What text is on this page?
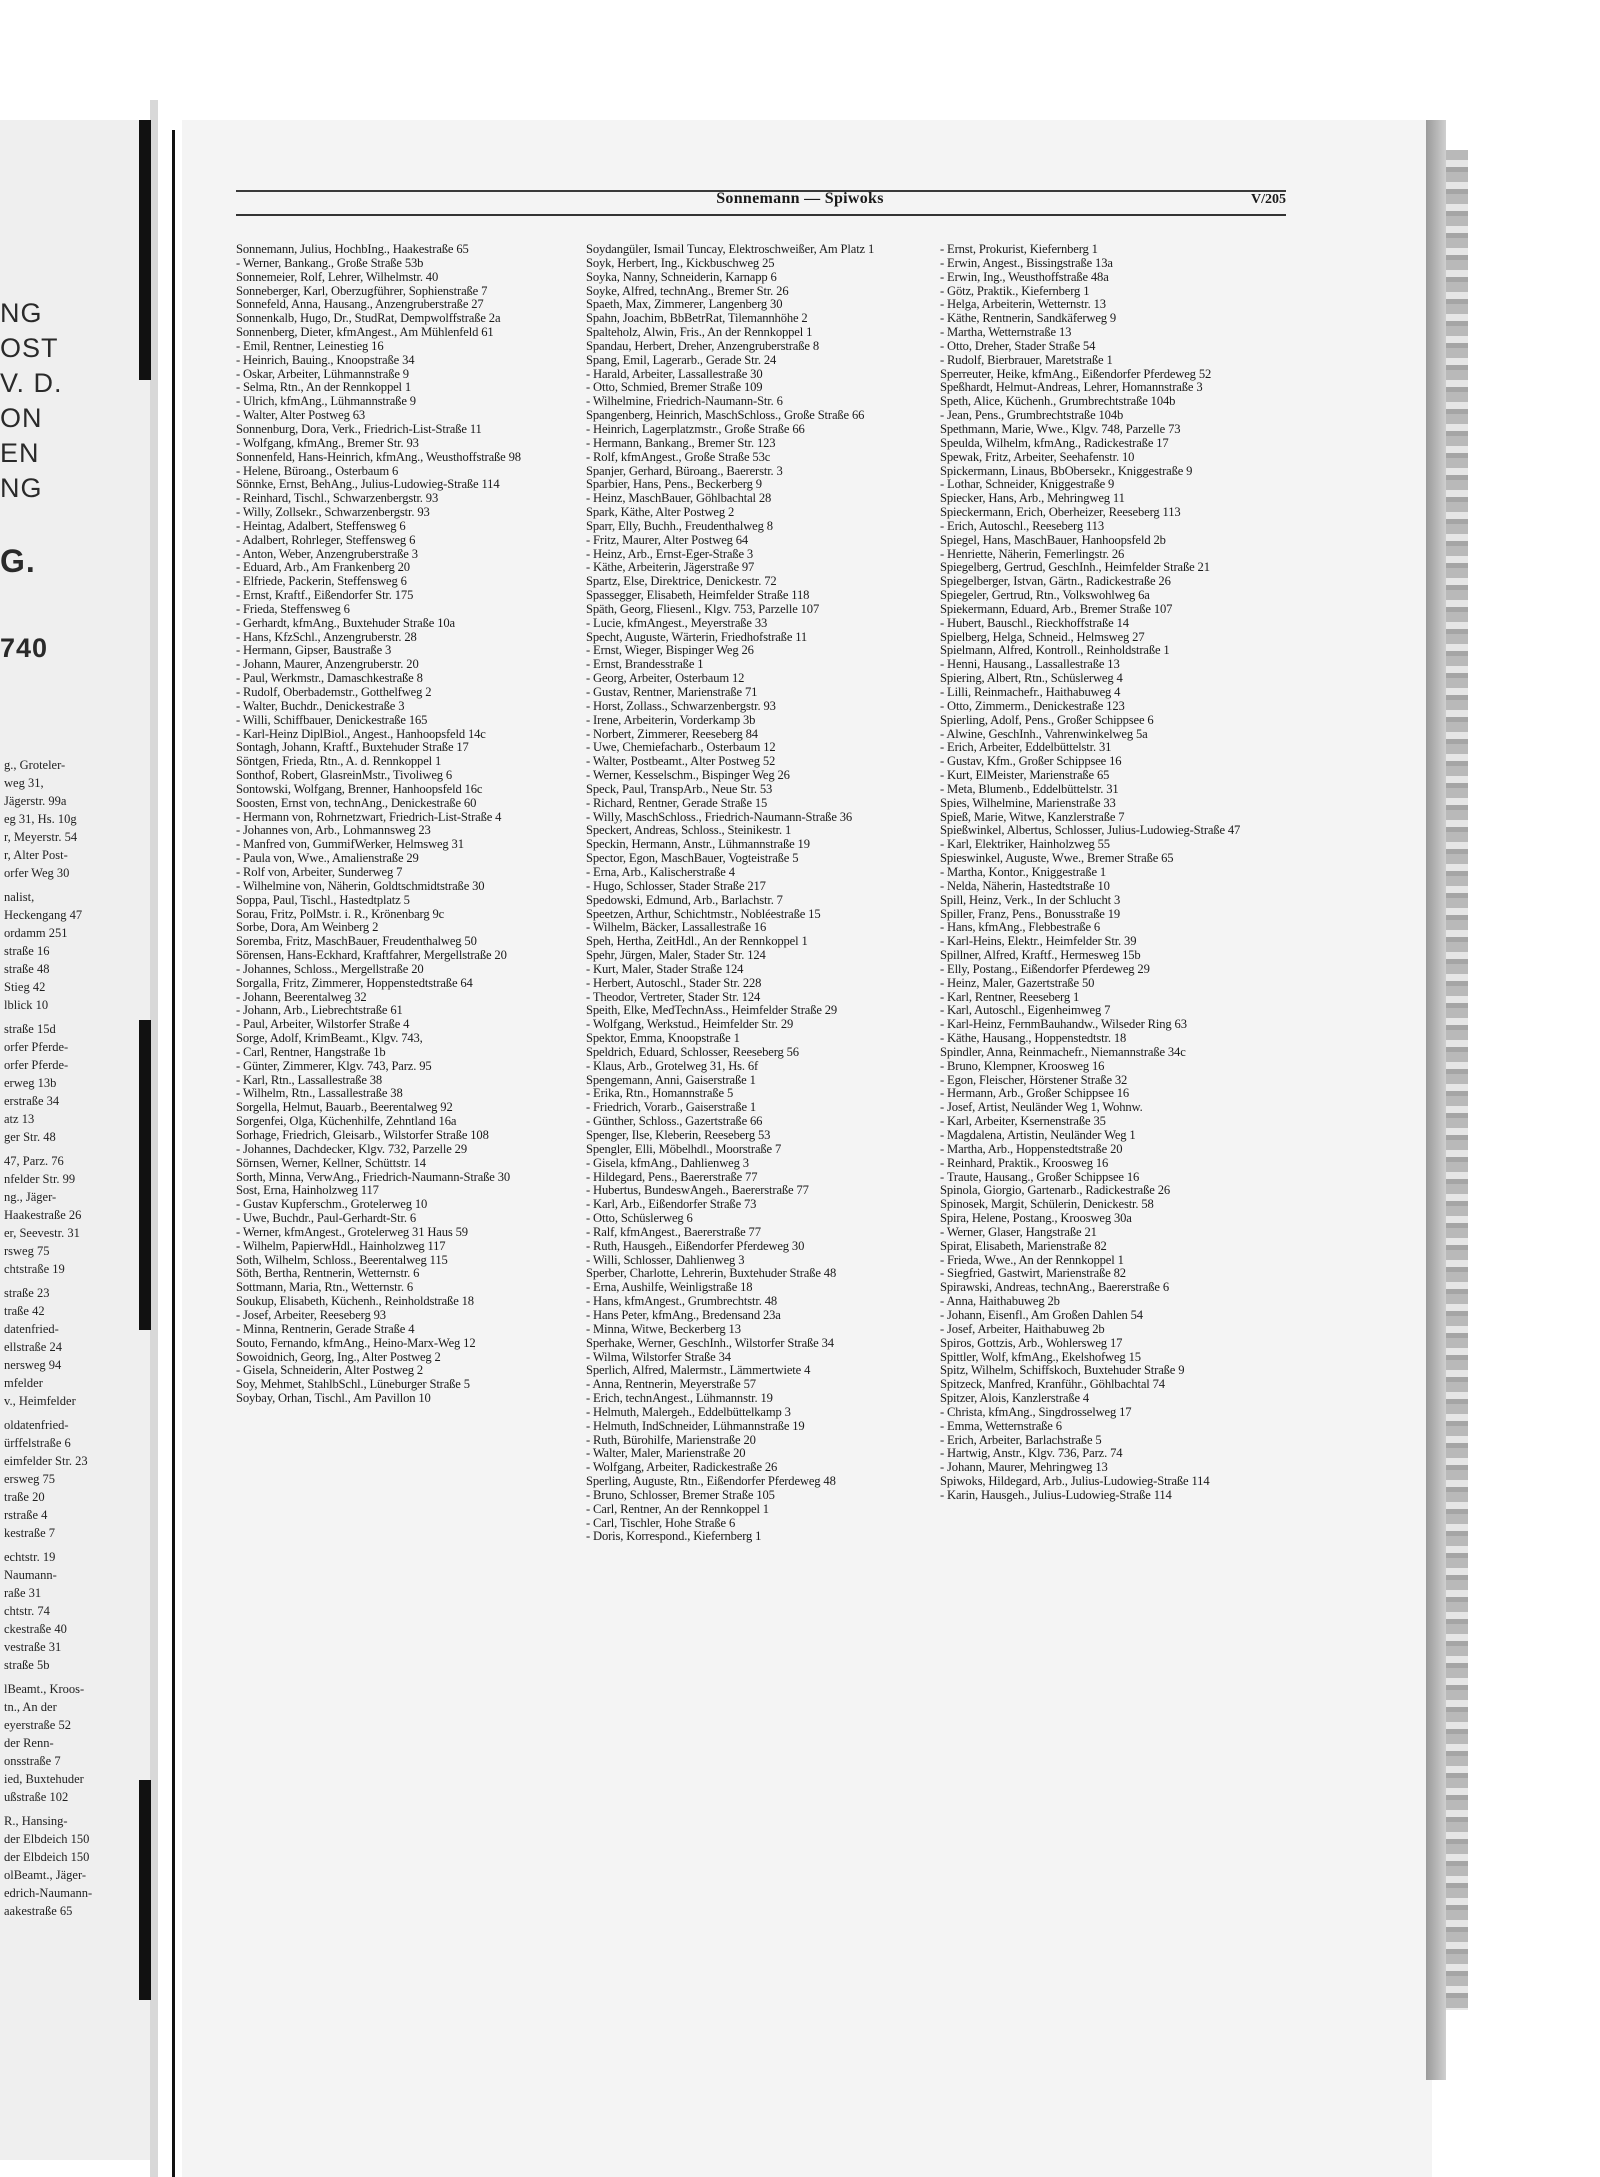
NG
OST
V. D.
ON
EN
NG
G.
740
g., Groteler-
weg 31,
Jägerstr. 99a
eg 31, Hs. 10g
r, Meyerstr. 54
r, Alter Post-
orfer Weg 30
nalist,
Heckengang 47
ordamm 251
straße 16
straße 48
Stieg 42
lblick 10
straße 15d
orfer Pferde-
orfer Pferde-
erweg 13b
erstraße 34
atz 13
ger Str. 48
47, Parz. 76
nfelder Str. 99
ng., Jäger-
Haakestraße 26
er, Seevestr. 31
rsweg 75
chtstraße 19
straße 23
traße 42
datenfried-
ellstraße 24
nersweg 94
mfelder
v., Heimfelder
oldatenfried-
ürffelstraße 6
eimfelder Str. 23
ersweg 75
traße 20
rstraße 4
kestraße 7
echtstr. 19
Naumann-
raße 31
chtstr. 74
ckestraße 40
vestraße 31
straße 5b
lBeamt., Kroos-
tn., An der
eyerstraße 52
der Renn-
onsstraße 7
ied, Buxtehuder
ußstraße 102
R., Hansing-
der Elbdeich 150
der Elbdeich 150
olBeamt., Jäger-
edrich-Naumann-
aakestraße 65
Sonnemann — Spiwoks	V/205

Sonnemann, Julius, HochbIng., Haakestraße 65

- Werner, Bankang., Große Straße 53b

Sonnemeier, Rolf, Lehrer, Wilhelmstr. 40

Sonneberger, Karl, Oberzugführer, Sophienstraße 7

Sonnefeld, Anna, Hausang., Anzengruberstraße 27

Sonnenkalb, Hugo, Dr., StudRat, Dempwolffstraße 2a

Sonnenberg, Dieter, kfmAngest., Am Mühlenfeld 61

- Emil, Rentner, Leinestieg 16

- Heinrich, Bauing., Knoopstraße 34

- Oskar, Arbeiter, Lühmannstraße 9

- Selma, Rtn., An der Rennkoppel 1

- Ulrich, kfmAng., Lühmannstraße 9

- Walter, Alter Postweg 63

Sonnenburg, Dora, Verk., Friedrich-List-Straße 11

- Wolfgang, kfmAng., Bremer Str. 93

Sonnenfeld, Hans-Heinrich, kfmAng., Weusthoffstraße 98

- Helene, Büroang., Osterbaum 6

Sönnke, Ernst, BehAng., Julius-Ludowieg-Straße 114

- Reinhard, Tischl., Schwarzenbergstr. 93

- Willy, Zollsekr., Schwarzenbergstr. 93

- Heintag, Adalbert, Steffensweg 6

- Adalbert, Rohrleger, Steffensweg 6

- Anton, Weber, Anzengruberstraße 3

- Eduard, Arb., Am Frankenberg 20

- Elfriede, Packerin, Steffensweg 6

- Ernst, Kraftf., Eißendorfer Str. 175

- Frieda, Steffensweg 6

- Gerhardt, kfmAng., Buxtehuder Straße 10a

- Hans, KfzSchl., Anzengruberstr. 28

- Hermann, Gipser, Baustraße 3

- Johann, Maurer, Anzengruberstr. 20

- Paul, Werkmstr., Damaschkestraße 8

- Rudolf, Oberbademstr., Gotthelfweg 2

- Walter, Buchdr., Denickestraße 3

- Willi, Schiffbauer, Denickestraße 165

- Karl-Heinz DiplBiol., Angest., Hanhoopsfeld 14c

Sontagh, Johann, Kraftf., Buxtehuder Straße 17

Söntgen, Frieda, Rtn., A. d. Rennkoppel 1

Sonthof, Robert, GlasreinMstr., Tivoliweg 6

Sontowski, Wolfgang, Brenner, Hanhoopsfeld 16c

Soosten, Ernst von, technAng., Denickestraße 60

- Hermann von, Rohrnetzwart, Friedrich-List-Straße 4

- Johannes von, Arb., Lohmannsweg 23

- Manfred von, GummifWerker, Helmsweg 31

- Paula von, Wwe., Amalienstraße 29

- Rolf von, Arbeiter, Sunderweg 7

- Wilhelmine von, Näherin, Goldtschmidtstraße 30

Soppa, Paul, Tischl., Hastedtplatz 5

Sorau, Fritz, PolMstr. i. R., Krönenbarg 9c

Sorbe, Dora, Am Weinberg 2

Soremba, Fritz, MaschBauer, Freudenthalweg 50

Sörensen, Hans-Eckhard, Kraftfahrer, Mergellstraße 20

- Johannes, Schloss., Mergellstraße 20

Sorgalla, Fritz, Zimmerer, Hoppenstedtstraße 64

- Johann, Beerentalweg 32

- Johann, Arb., Liebrechtstraße 61

- Paul, Arbeiter, Wilstorfer Straße 4

Sorge, Adolf, KrimBeamt., Klgv. 743,

- Carl, Rentner, Hangstraße 1b

- Günter, Zimmerer, Klgv. 743, Parz. 95

- Karl, Rtn., Lassallestraße 38

- Wilhelm, Rtn., Lassallestraße 38

Sorgella, Helmut, Bauarb., Beerentalweg 92

Sorgenfei, Olga, Küchenhilfe, Zehntland 16a

Sorhage, Friedrich, Gleisarb., Wilstorfer Straße 108

- Johannes, Dachdecker, Klgv. 732, Parzelle 29

Sörnsen, Werner, Kellner, Schüttstr. 14

Sorth, Minna, VerwAng., Friedrich-Naumann-Straße 30

Sost, Erna, Hainholzweg 117

- Gustav Kupferschm., Grotelerweg 10

- Uwe, Buchdr., Paul-Gerhardt-Str. 6

- Werner, kfmAngest., Grotelerweg 31 Haus 59

- Wilhelm, PapierwHdl., Hainholzweg 117

Soth, Wilhelm, Schloss., Beerentalweg 115

Söth, Bertha, Rentnerin, Wetternstr. 6

Sottmann, Maria, Rtn., Wetternstr. 6

Soukup, Elisabeth, Küchenh., Reinholdstraße 18

- Josef, Arbeiter, Reeseberg 93

- Minna, Rentnerin, Gerade Straße 4

Souto, Fernando, kfmAng., Heino-Marx-Weg 12

Sowoidnich, Georg, Ing., Alter Postweg 2

- Gisela, Schneiderin, Alter Postweg 2

Soy, Mehmet, StahlbSchl., Lüneburger Straße 5

Soybay, Orhan, Tischl., Am Pavillon 10

Soydangüler, Ismail Tuncay, Elektroschweißer, Am Platz 1

Soyk, Herbert, Ing., Kickbuschweg 25

Soyka, Nanny, Schneiderin, Karnapp 6

Soyke, Alfred, technAng., Bremer Str. 26

Spaeth, Max, Zimmerer, Langenberg 30

Spahn, Joachim, BbBetrRat, Tilemannhöhe 2

Spalteholz, Alwin, Fris., An der Rennkoppel 1

Spandau, Herbert, Dreher, Anzengruberstraße 8

Spang, Emil, Lagerarb., Gerade Str. 24

- Harald, Arbeiter, Lassallestraße 30

- Otto, Schmied, Bremer Straße 109

- Wilhelmine, Friedrich-Naumann-Str. 6

Spangenberg, Heinrich, MaschSchloss., Große Straße 66

- Heinrich, Lagerplatzmstr., Große Straße 66

- Hermann, Bankang., Bremer Str. 123

- Rolf, kfmAngest., Große Straße 53c

Spanjer, Gerhard, Büroang., Baererstr. 3

Sparbier, Hans, Pens., Beckerberg 9

- Heinz, MaschBauer, Göhlbachtal 28

Spark, Käthe, Alter Postweg 2

Sparr, Elly, Buchh., Freudenthalweg 8

- Fritz, Maurer, Alter Postweg 64

- Heinz, Arb., Ernst-Eger-Straße 3

- Käthe, Arbeiterin, Jägerstraße 97

Spartz, Else, Direktrice, Denickestr. 72

Spassegger, Elisabeth, Heimfelder Straße 118

Späth, Georg, Fliesenl., Klgv. 753, Parzelle 107

- Lucie, kfmAngest., Meyerstraße 33

Specht, Auguste, Wärterin, Friedhofstraße 11

- Ernst, Wieger, Bispinger Weg 26

- Ernst, Brandesstraße 1

- Georg, Arbeiter, Osterbaum 12

- Gustav, Rentner, Marienstraße 71

- Horst, Zollass., Schwarzenbergstr. 93

- Irene, Arbeiterin, Vorderkamp 3b

- Norbert, Zimmerer, Reeseberg 84

- Uwe, Chemiefacharb., Osterbaum 12

- Walter, Postbeamt., Alter Postweg 52

- Werner, Kesselschm., Bispinger Weg 26

Speck, Paul, TranspArb., Neue Str. 53

- Richard, Rentner, Gerade Straße 15

- Willy, MaschSchloss., Friedrich-Naumann-Straße 36

Speckert, Andreas, Schloss., Steinikestr. 1

Speckin, Hermann, Anstr., Lühmannstraße 19

Spector, Egon, MaschBauer, Vogteistraße 5

- Erna, Arb., Kalischerstraße 4

- Hugo, Schlosser, Stader Straße 217

Spedowski, Edmund, Arb., Barlachstr. 7

Speetzen, Arthur, Schichtmstr., Nobléestraße 15

- Wilhelm, Bäcker, Lassallestraße 16

Speh, Hertha, ZeitHdl., An der Rennkoppel 1

Spehr, Jürgen, Maler, Stader Str. 124

- Kurt, Maler, Stader Straße 124

- Herbert, Autoschl., Stader Str. 228

- Theodor, Vertreter, Stader Str. 124

Speith, Elke, MedTechnAss., Heimfelder Straße 29

- Wolfgang, Werkstud., Heimfelder Str. 29

Spektor, Emma, Knoopstraße 1

Speldrich, Eduard, Schlosser, Reeseberg 56

- Klaus, Arb., Grotelweg 31, Hs. 6f

Spengemann, Anni, Gaiserstraße 1

- Erika, Rtn., Homannstraße 5

- Friedrich, Vorarb., Gaiserstraße 1

- Günther, Schloss., Gazertstraße 66

Spenger, Ilse, Kleberin, Reeseberg 53

Spengler, Elli, Möbelhdl., Moorstraße 7

- Gisela, kfmAng., Dahlienweg 3

- Hildegard, Pens., Baererstraße 77

- Hubertus, BundeswAngeh., Baererstraße 77

- Karl, Arb., Eißendorfer Straße 73

- Otto, Schüslerweg 6

- Ralf, kfmAngest., Baererstraße 77

- Ruth, Hausgeh., Eißendorfer Pferdeweg 30

- Willi, Schlosser, Dahlienweg 3

Sperber, Charlotte, Lehrerin, Buxtehuder Straße 48

- Erna, Aushilfe, Weinligstraße 18

- Hans, kfmAngest., Grumbrechtstr. 48

- Hans Peter, kfmAng., Bredensand 23a

- Minna, Witwe, Beckerberg 13

Sperhake, Werner, GeschInh., Wilstorfer Straße 34

- Wilma, Wilstorfer Straße 34

Sperlich, Alfred, Malermstr., Lämmertwiete 4

- Anna, Rentnerin, Meyerstraße 57

- Erich, technAngest., Lühmannstr. 19

- Helmuth, Malergeh., Eddelbüttelkamp 3

- Helmuth, IndSchneider, Lühmannstraße 19

- Ruth, Bürohilfe, Marienstraße 20

- Walter, Maler, Marienstraße 20

- Wolfgang, Arbeiter, Radickestraße 26

Sperling, Auguste, Rtn., Eißendorfer Pferdeweg 48

- Bruno, Schlosser, Bremer Straße 105

- Carl, Rentner, An der Rennkoppel 1

- Carl, Tischler, Hohe Straße 6

- Doris, Korrespond., Kiefernberg 1

- Ernst, Prokurist, Kiefernberg 1

- Erwin, Angest., Bissingstraße 13a

- Erwin, Ing., Weusthoffstraße 48a

- Götz, Praktik., Kiefernberg 1

- Helga, Arbeiterin, Wetternstr. 13

- Käthe, Rentnerin, Sandkäferweg 9

- Martha, Wetternstraße 13

- Otto, Dreher, Stader Straße 54

- Rudolf, Bierbrauer, Maretstraße 1

Sperreuter, Heike, kfmAng., Eißendorfer Pferdeweg 52

Speßhardt, Helmut-Andreas, Lehrer, Homannstraße 3

Speth, Alice, Küchenh., Grumbrechtstraße 104b

- Jean, Pens., Grumbrechtstraße 104b

Spethmann, Marie, Wwe., Klgv. 748, Parzelle 73

Speulda, Wilhelm, kfmAng., Radickestraße 17

Spewak, Fritz, Arbeiter, Seehafenstr. 10

Spickermann, Linaus, BbObersekr., Kniggestraße 9

- Lothar, Schneider, Kniggestraße 9

Spiecker, Hans, Arb., Mehringweg 11

Spieckermann, Erich, Oberheizer, Reeseberg 113

- Erich, Autoschl., Reeseberg 113

Spiegel, Hans, MaschBauer, Hanhoopsfeld 2b

- Henriette, Näherin, Femerlingstr. 26

Spiegelberg, Gertrud, GeschInh., Heimfelder Straße 21

Spiegelberger, Istvan, Gärtn., Radickestraße 26

Spiegeler, Gertrud, Rtn., Volkswohlweg 6a

Spiekermann, Eduard, Arb., Bremer Straße 107

- Hubert, Bauschl., Rieckhoffstraße 14

Spielberg, Helga, Schneid., Helmsweg 27

Spielmann, Alfred, Kontroll., Reinholdstraße 1

- Henni, Hausang., Lassallestraße 13

Spiering, Albert, Rtn., Schüslerweg 4

- Lilli, Reinmachefr., Haithabuweg 4

- Otto, Zimmerm., Denickestraße 123

Spierling, Adolf, Pens., Großer Schippsee 6

- Alwine, GeschInh., Vahrenwinkelweg 5a

- Erich, Arbeiter, Eddelbüttelstr. 31

- Gustav, Kfm., Großer Schippsee 16

- Kurt, ElMeister, Marienstraße 65

- Meta, Blumenb., Eddelbüttelstr. 31

Spies, Wilhelmine, Marienstraße 33

Spieß, Marie, Witwe, Kanzlerstraße 7

Spießwinkel, Albertus, Schlosser, Julius-Ludowieg-Straße 47

- Karl, Elektriker, Hainholzweg 55

Spieswinkel, Auguste, Wwe., Bremer Straße 65

- Martha, Kontor., Kniggestraße 1

- Nelda, Näherin, Hastedtstraße 10

Spill, Heinz, Verk., In der Schlucht 3

Spiller, Franz, Pens., Bonusstraße 19

- Hans, kfmAng., Flebbestraße 6

- Karl-Heins, Elektr., Heimfelder Str. 39

Spillner, Alfred, Kraftf., Hermesweg 15b

- Elly, Postang., Eißendorfer Pferdeweg 29

- Heinz, Maler, Gazertstraße 50

- Karl, Rentner, Reeseberg 1

- Karl, Autoschl., Eigenheimweg 7

- Karl-Heinz, FernmBauhandw., Wilseder Ring 63

- Käthe, Hausang., Hoppenstedtstr. 18

Spindler, Anna, Reinmachefr., Niemannstraße 34c

- Bruno, Klempner, Kroosweg 16

- Egon, Fleischer, Hörstener Straße 32

- Hermann, Arb., Großer Schippsee 16

- Josef, Artist, Neuländer Weg 1, Wohnw.

- Karl, Arbeiter, Ksernenstraße 35

- Magdalena, Artistin, Neuländer Weg 1

- Martha, Arb., Hoppenstedtstraße 20

- Reinhard, Praktik., Kroosweg 16

- Traute, Hausang., Großer Schippsee 16

Spinola, Giorgio, Gartenarb., Radickestraße 26

Spinosek, Margit, Schülerin, Denickestr. 58

Spira, Helene, Postang., Kroosweg 30a

- Werner, Glaser, Hangstraße 21

Spirat, Elisabeth, Marienstraße 82

- Frieda, Wwe., An der Rennkoppel 1

- Siegfried, Gastwirt, Marienstraße 82

Spirawski, Andreas, technAng., Baererstraße 6

- Anna, Haithabuweg 2b

- Johann, Eisenfl., Am Großen Dahlen 54

- Josef, Arbeiter, Haithabuweg 2b

Spiros, Gottzis, Arb., Wohlersweg 17

Spittler, Wolf, kfmAng., Ekelshofweg 15

Spitz, Wilhelm, Schiffskoch, Buxtehuder Straße 9

Spitzeck, Manfred, Kranführ., Göhlbachtal 74

Spitzer, Alois, Kanzlerstraße 4

- Christa, kfmAng., Singdrosselweg 17

- Emma, Wetternstraße 6

- Erich, Arbeiter, Barlachstraße 5

- Hartwig, Anstr., Klgv. 736, Parz. 74

- Johann, Maurer, Mehringweg 13

Spiwoks, Hildegard, Arb., Julius-Ludowieg-Straße 114

- Karin, Hausgeh., Julius-Ludowieg-Straße 114
